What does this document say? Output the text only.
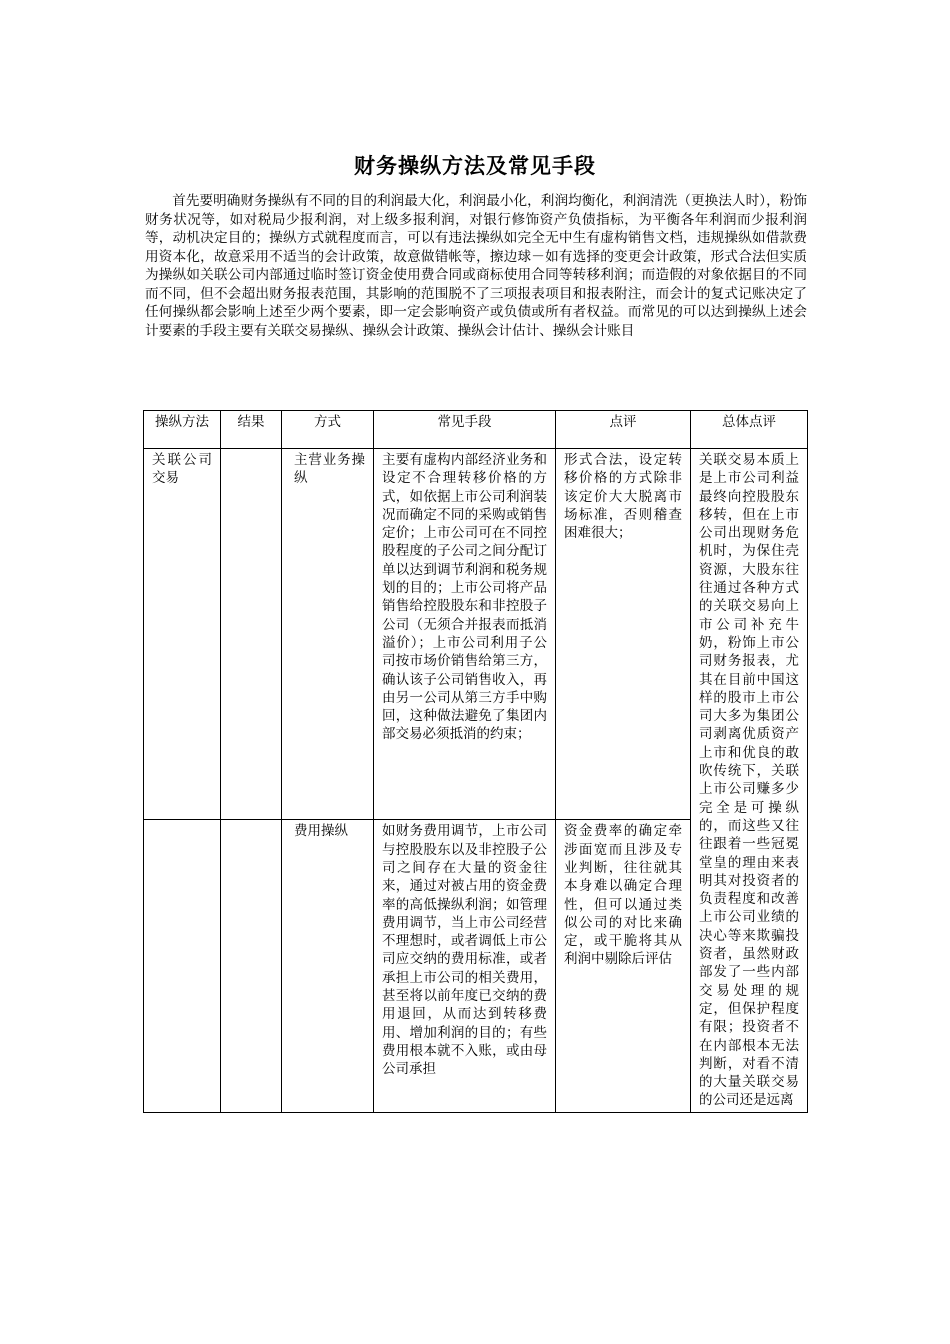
财务操纵方法及常见手段

首先要明确财务操纵有不同的目的利润最大化，利润最小化，利润均衡化，利润清洗（更换法人时），粉饰财务状况等，如对税局少报利润，对上级多报利润，对银行修饰资产负债指标，为平衡各年利润而少报利润等，动机决定目的；操纵方式就程度而言，可以有违法操纵如完全无中生有虚构销售文档，违规操纵如借款费用资本化，故意采用不适当的会计政策，故意做错帐等，擦边球－如有选择的变更会计政策，形式合法但实质为操纵如关联公司内部通过临时签订资金使用费合同或商标使用合同等转移利润；而造假的对象依据目的不同而不同，但不会超出财务报表范围，其影响的范围脱不了三项报表项目和报表附注，而会计的复式记账决定了任何操纵都会影响上述至少两个要素，即一定会影响资产或负债或所有者权益。而常见的可以达到操纵上述会计要素的手段主要有关联交易操纵、操纵会计政策、操纵会计估计、操纵会计账目

操纵方法	结果	方式	常见手段	点评	总体点评
关联公司交易		主营业务操纵	主要有虚构内部经济业务和设定不合理转移价格的方式，如依据上市公司利润装况而确定不同的采购或销售定价；上市公司可在不同控股程度的子公司之间分配订单以达到调节利润和税务规划的目的；上市公司将产品销售给控股股东和非控股子公司（无须合并报表而抵消溢价）；上市公司利用子公司按市场价销售给第三方，确认该子公司销售收入，再由另一公司从第三方手中购回，这种做法避免了集团内部交易必须抵消的约束；	形式合法，设定转移价格的方式除非该定价大大脱离市场标准，否则稽查困难很大；	关联交易本质上是上市公司利益最终向控股股东移转，但在上市公司出现财务危机时，为保住壳资源，大股东往往通过各种方式的关联交易向上市公司补充牛奶，粉饰上市公司财务报表，尤其在目前中国这样的股市上市公司大多为集团公司剥离优质资产上市和优良的敢吹传统下，关联上市公司赚多少完全是可操纵的，而这些又往往跟着一些冠冕堂皇的理由来表明其对投资者的负责程度和改善上市公司业绩的决心等来欺骗投资者，虽然财政部发了一些内部交易处理的规定，但保护程度有限；投资者不在内部根本无法判断，对看不清的大量关联交易的公司还是远离
		费用操纵	如财务费用调节，上市公司与控股股东以及非控股子公司之间存在大量的资金往来，通过对被占用的资金费率的高低操纵利润；如管理费用调节，当上市公司经营不理想时，或者调低上市公司应交纳的费用标准，或者承担上市公司的相关费用，甚至将以前年度已交纳的费用退回，从而达到转移费用、增加利润的目的；有些费用根本就不入账，或由母公司承担	资金费率的确定牵涉面宽而且涉及专业判断，往往就其本身难以确定合理性，但可以通过类似公司的对比来确定，或干脆将其从利润中剔除后评估	
